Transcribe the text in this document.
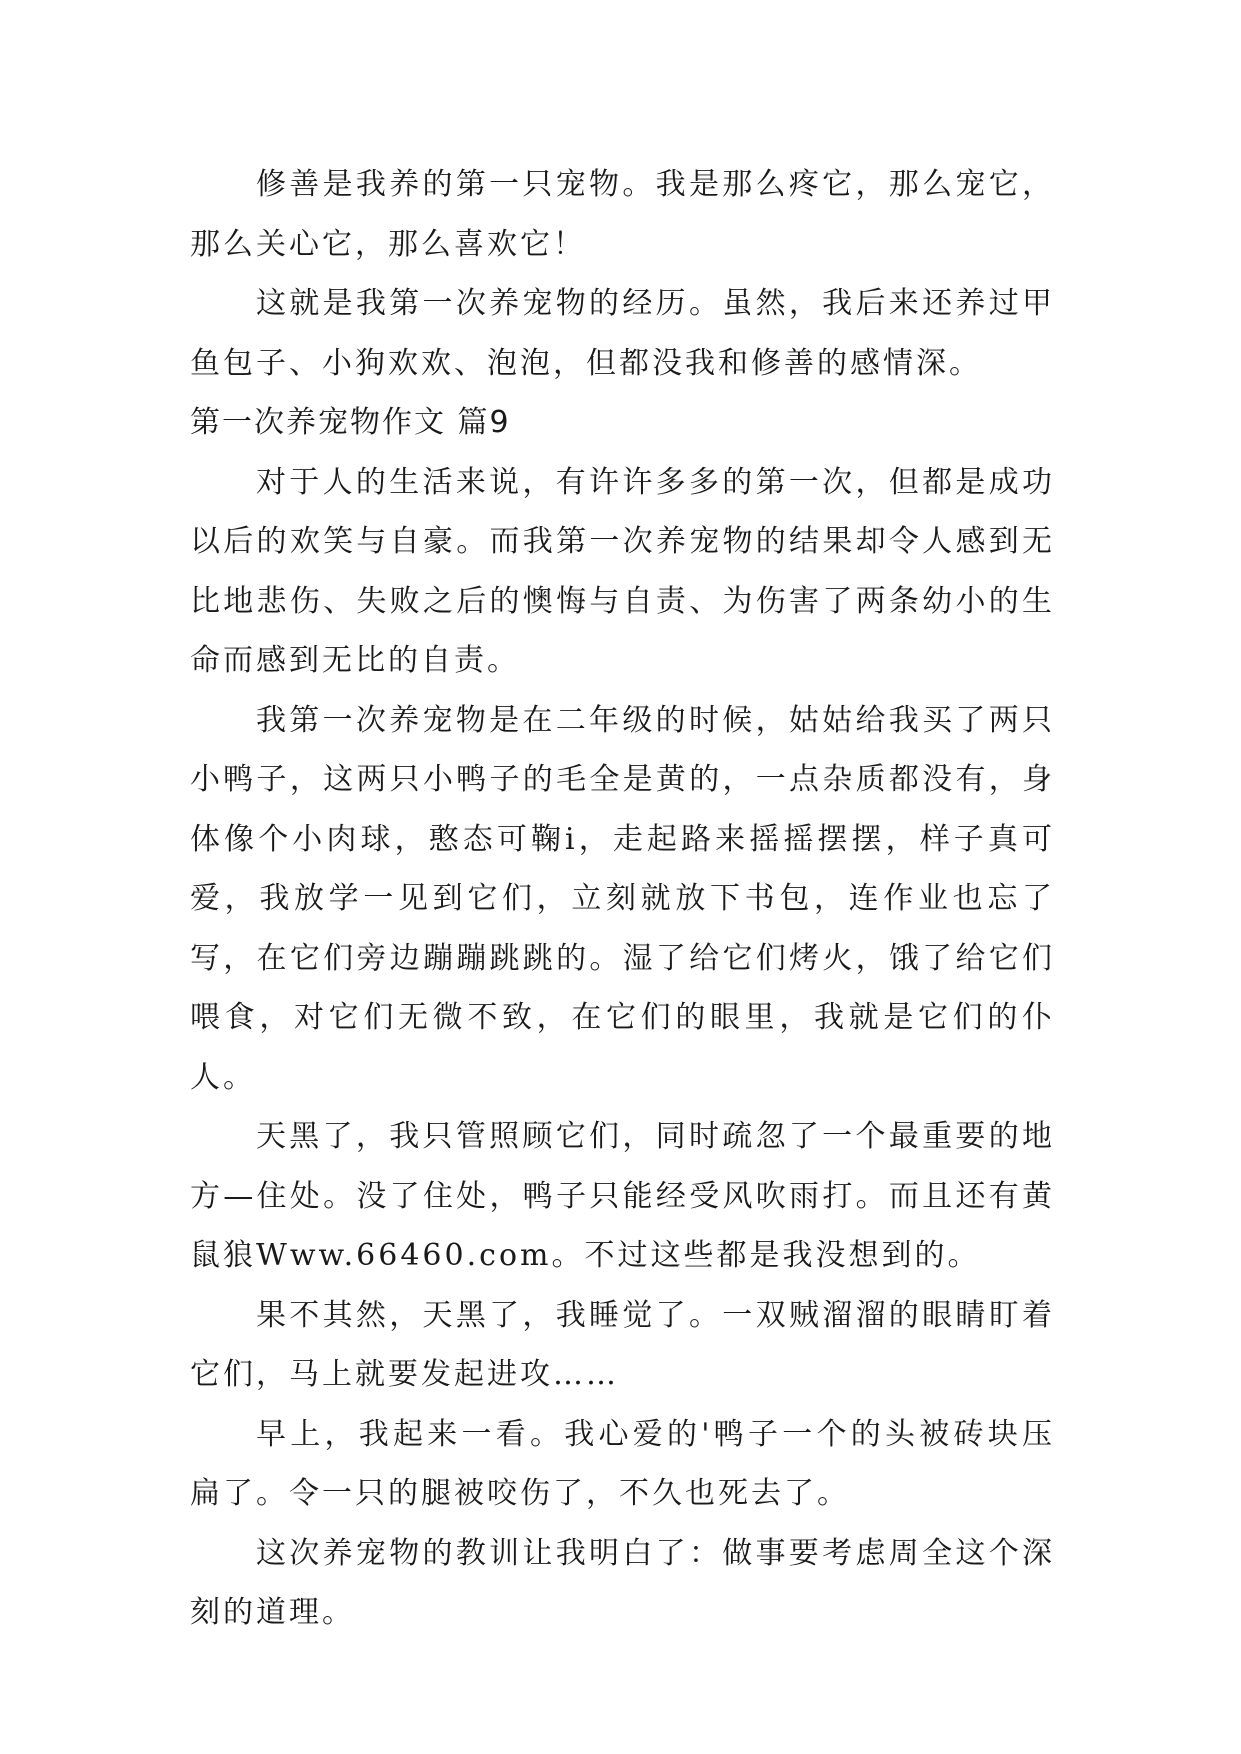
修善是我养的第一只宠物。我是那么疼它，那么宠它，那么关心它，那么喜欢它！

这就是我第一次养宠物的经历。虽然，我后来还养过甲鱼包子、小狗欢欢、泡泡，但都没我和修善的感情深。

第一次养宠物作文 篇9

对于人的生活来说，有许许多多的第一次，但都是成功以后的欢笑与自豪。而我第一次养宠物的结果却令人感到无比地悲伤、失败之后的懊悔与自责、为伤害了两条幼小的生命而感到无比的自责。

我第一次养宠物是在二年级的时候，姑姑给我买了两只小鸭子，这两只小鸭子的毛全是黄的，一点杂质都没有，身体像个小肉球，憨态可鞠i，走起路来摇摇摆摆，样子真可爱，我放学一见到它们，立刻就放下书包，连作业也忘了写，在它们旁边蹦蹦跳跳的。湿了给它们烤火，饿了给它们喂食，对它们无微不致，在它们的眼里，我就是它们的仆人。

天黑了，我只管照顾它们，同时疏忽了一个最重要的地方—住处。没了住处，鸭子只能经受风吹雨打。而且还有黄鼠狼Www.66460.com。不过这些都是我没想到的。

果不其然，天黑了，我睡觉了。一双贼溜溜的眼睛盯着它们，马上就要发起进攻……

早上，我起来一看。我心爱的'鸭子一个的头被砖块压扁了。令一只的腿被咬伤了，不久也死去了。

这次养宠物的教训让我明白了：做事要考虑周全这个深刻的道理。
